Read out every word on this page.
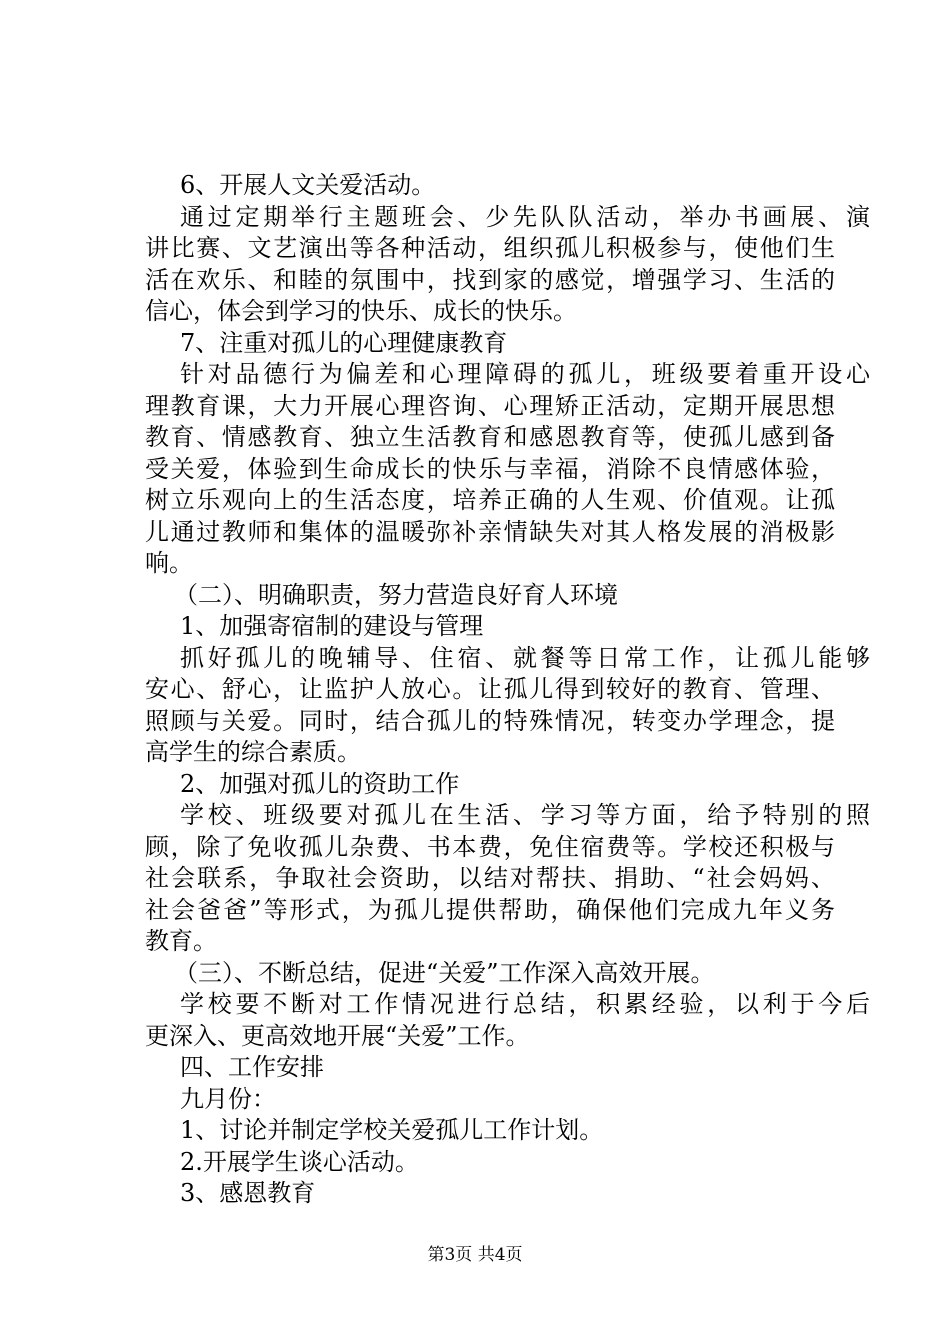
6、开展人文关爱活动。
通过定期举行主题班会、少先队队活动，举办书画展、演
讲比赛、文艺演出等各种活动，组织孤儿积极参与，使他们生
活在欢乐、和睦的氛围中，找到家的感觉，增强学习、生活的
信心，体会到学习的快乐、成长的快乐。
7、注重对孤儿的心理健康教育
针对品德行为偏差和心理障碍的孤儿，班级要着重开设心
理教育课，大力开展心理咨询、心理矫正活动，定期开展思想
教育、情感教育、独立生活教育和感恩教育等，使孤儿感到备
受关爱，体验到生命成长的快乐与幸福，消除不良情感体验，
树立乐观向上的生活态度，培养正确的人生观、价值观。让孤
儿通过教师和集体的温暖弥补亲情缺失对其人格发展的消极影
响。
（二）、明确职责，努力营造良好育人环境
1、加强寄宿制的建设与管理
抓好孤儿的晚辅导、住宿、就餐等日常工作，让孤儿能够
安心、舒心，让监护人放心。让孤儿得到较好的教育、管理、
照顾与关爱。同时，结合孤儿的特殊情况，转变办学理念，提
高学生的综合素质。
2、加强对孤儿的资助工作
学校、班级要对孤儿在生活、学习等方面，给予特别的照
顾，除了免收孤儿杂费、书本费，免住宿费等。学校还积极与
社会联系，争取社会资助，以结对帮扶、捐助、“社会妈妈、
社会爸爸”等形式，为孤儿提供帮助，确保他们完成九年义务
教育。
（三）、不断总结，促进“关爱”工作深入高效开展。
学校要不断对工作情况进行总结，积累经验，以利于今后
更深入、更高效地开展“关爱”工作。
四、工作安排
九月份：
1、讨论并制定学校关爱孤儿工作计划。
2.开展学生谈心活动。
3、感恩教育
第3页 共4页
